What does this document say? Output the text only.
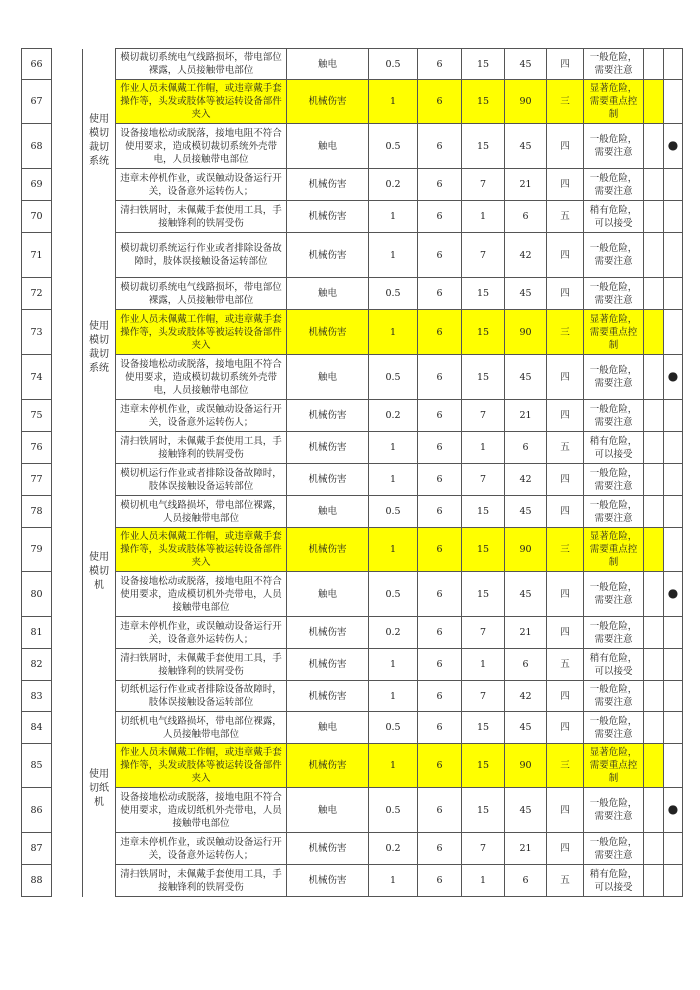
66		使用模切裁切系统	模切裁切系统电气线路损坏，带电部位裸露，人员接触带电部位	触电	0.5	6	15	45	四	一般危险，需要注意		
67			作业人员未佩戴工作帽，或违章戴手套操作等，头发或肢体等被运转设备部件夹入	机械伤害	1	6	15	90	三	显著危险，需要重点控制		
68			设备接地松动或脱落，接地电阻不符合使用要求，造成模切裁切系统外壳带电，人员接触带电部位	触电	0.5	6	15	45	四	一般危险，需要注意		●
69			违章未停机作业，或误触动设备运行开关，设备意外运转伤人；	机械伤害	0.2	6	7	21	四	一般危险，需要注意		
70			清扫铁屑时，未佩戴手套使用工具，手接触锋利的铁屑受伤	机械伤害	1	6	1	6	五	稍有危险，可以接受		
71		使用模切裁切系统	模切裁切系统运行作业或者排除设备故障时，肢体误接触设备运转部位	机械伤害	1	6	7	42	四	一般危险，需要注意		
72			模切裁切系统电气线路损坏，带电部位裸露，人员接触带电部位	触电	0.5	6	15	45	四	一般危险，需要注意		
73			作业人员未佩戴工作帽，或违章戴手套操作等，头发或肢体等被运转设备部件夹入	机械伤害	1	6	15	90	三	显著危险，需要重点控制		
74			设备接地松动或脱落，接地电阻不符合使用要求，造成模切裁切系统外壳带电，人员接触带电部位	触电	0.5	6	15	45	四	一般危险，需要注意		●
75			违章未停机作业，或误触动设备运行开关，设备意外运转伤人；	机械伤害	0.2	6	7	21	四	一般危险，需要注意		
76			清扫铁屑时，未佩戴手套使用工具，手接触锋利的铁屑受伤	机械伤害	1	6	1	6	五	稍有危险，可以接受		
77		使用模切机	模切机运行作业或者排除设备故障时，肢体误接触设备运转部位	机械伤害	1	6	7	42	四	一般危险，需要注意		
78			模切机电气线路损坏，带电部位裸露，人员接触带电部位	触电	0.5	6	15	45	四	一般危险，需要注意		
79			作业人员未佩戴工作帽，或违章戴手套操作等，头发或肢体等被运转设备部件夹入	机械伤害	1	6	15	90	三	显著危险，需要重点控制		
80			设备接地松动或脱落，接地电阻不符合使用要求，造成模切机外壳带电，人员接触带电部位	触电	0.5	6	15	45	四	一般危险，需要注意		●
81			违章未停机作业，或误触动设备运行开关，设备意外运转伤人；	机械伤害	0.2	6	7	21	四	一般危险，需要注意		
82			清扫铁屑时，未佩戴手套使用工具，手接触锋利的铁屑受伤	机械伤害	1	6	1	6	五	稍有危险，可以接受		
83		使用切纸机	切纸机运行作业或者排除设备故障时，肢体误接触设备运转部位	机械伤害	1	6	7	42	四	一般危险，需要注意		
84			切纸机电气线路损坏，带电部位裸露，人员接触带电部位	触电	0.5	6	15	45	四	一般危险，需要注意		
85			作业人员未佩戴工作帽，或违章戴手套操作等，头发或肢体等被运转设备部件夹入	机械伤害	1	6	15	90	三	显著危险，需要重点控制		
86			设备接地松动或脱落，接地电阻不符合使用要求，造成切纸机外壳带电，人员接触带电部位	触电	0.5	6	15	45	四	一般危险，需要注意		●
87			违章未停机作业，或误触动设备运行开关，设备意外运转伤人；	机械伤害	0.2	6	7	21	四	一般危险，需要注意		
88			清扫铁屑时，未佩戴手套使用工具，手接触锋利的铁屑受伤	机械伤害	1	6	1	6	五	稍有危险，可以接受		
